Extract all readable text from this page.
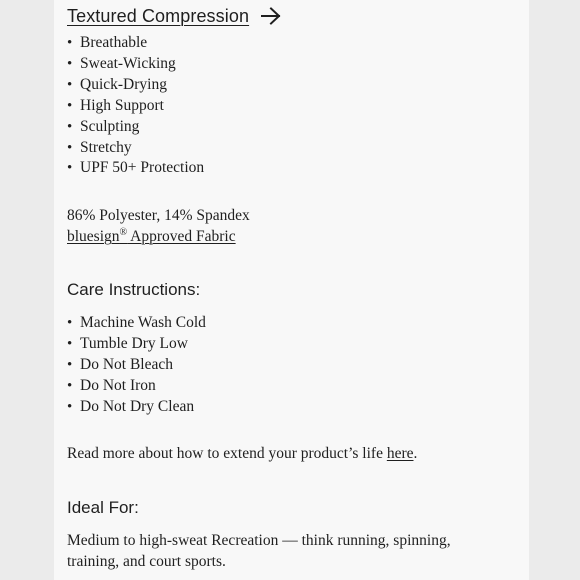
Textured Compression
• Breathable
• Sweat-Wicking
• Quick-Drying
• High Support
• Sculpting
• Stretchy
• UPF 50+ Protection
86% Polyester, 14% Spandex
bluesign® Approved Fabric
Care Instructions:
• Machine Wash Cold
• Tumble Dry Low
• Do Not Bleach
• Do Not Iron
• Do Not Dry Clean
Read more about how to extend your product’s life here.
Ideal For:
Medium to high-sweat Recreation — think running, spinning, training, and court sports.
